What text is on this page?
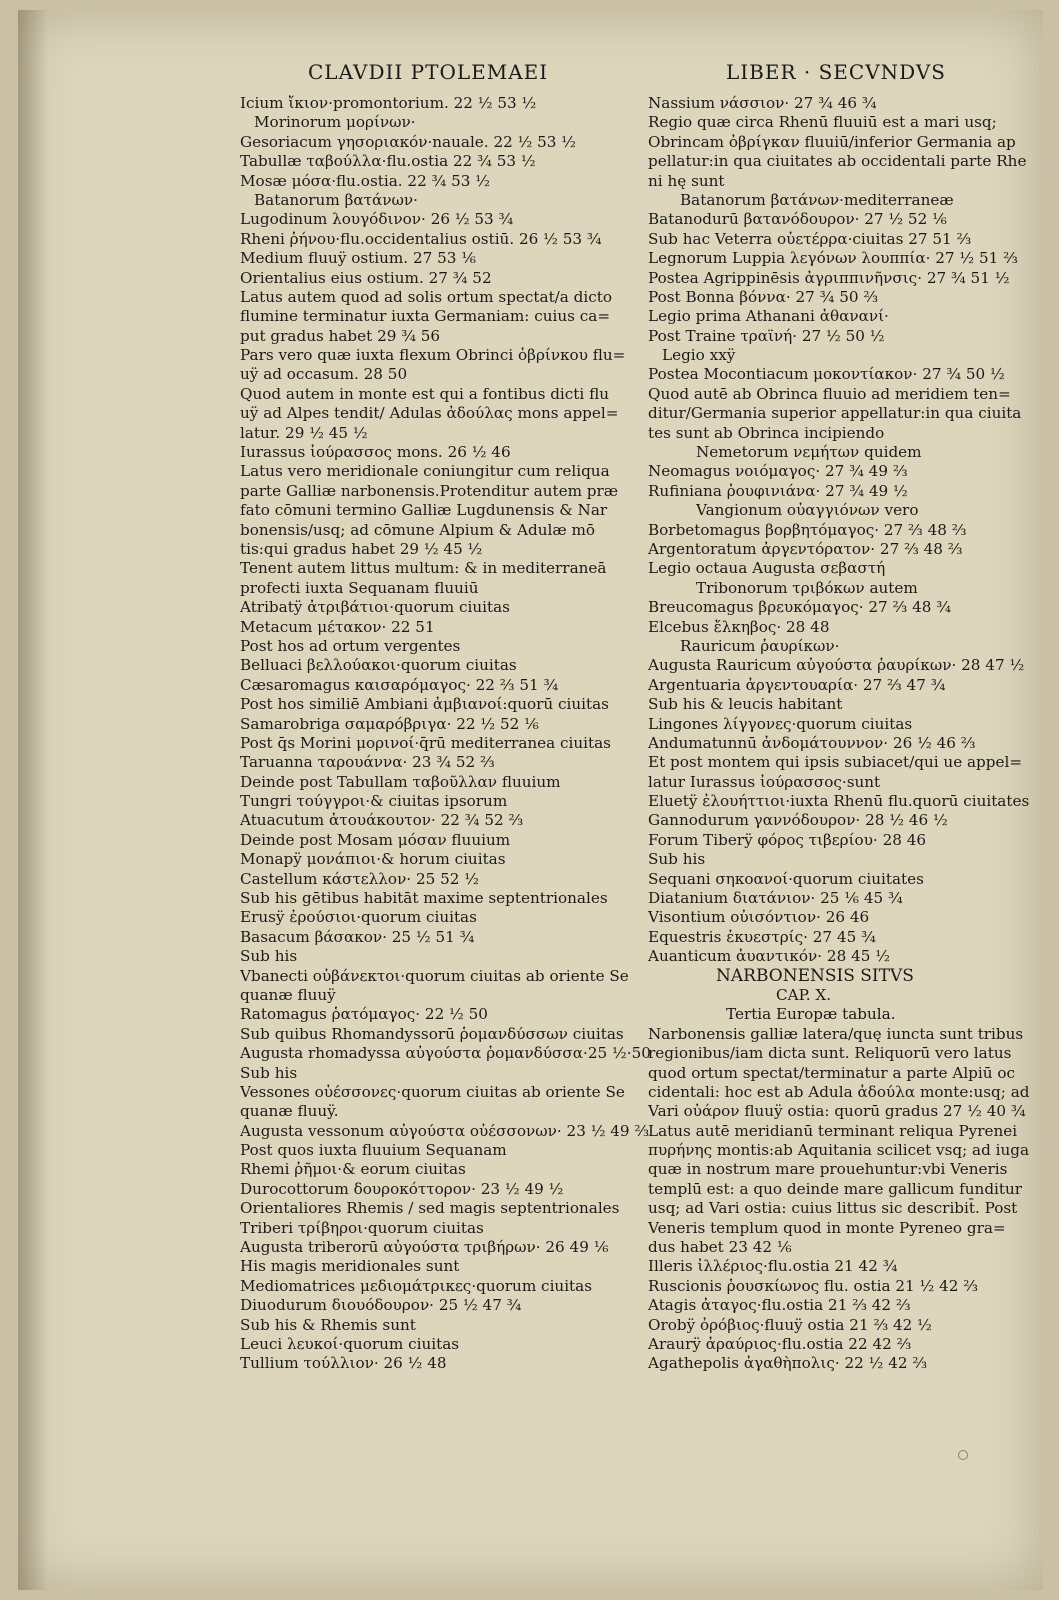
CLAVDII PTOLEMAEI	LIBER · SECVNDVS
Icium ἴκιον·promontorium. 22 ½ 53 ½
Morinorum μορίνων·
Gesoriacum γησοριακόν·nauale. 22 ½ 53 ½
Tabullæ ταβούλλα·flu.ostia 22 ¾ 53 ½
Mosæ μόσα·flu.ostia. 22 ¾ 53 ½
Batanorum βατάνων·
Lugodinum λουγόδινον· 26 ½ 53 ¾
Rheni ῥήνου·flu.occidentalius ostiū. 26 ½ 53 ¾
Medium fluuÿ ostium. 27 53 ⅙
Orientalius eius ostium. 27 ¾ 52
Latus autem quod ad solis ortum spectat/a dicto
flumine terminatur iuxta Germaniam: cuius ca=
put gradus habet 29 ¾ 56
Pars vero quæ iuxta flexum Obrinci ὀβρίνκου flu=
uÿ ad occasum. 28 50
Quod autem in monte est qui a fontibus dicti flu
uÿ ad Alpes tendit/ Adulas ἀδούλας mons appel=
latur. 29 ½ 45 ½
Iurassus ἰούρασσος mons. 26 ½ 46
Latus vero meridionale coniungitur cum reliqua
parte Galliæ narbonensis.Protenditur autem præ
fato cōmuni termino Galliæ Lugdunensis & Nar
bonensis/usq; ad cōmune Alpium & Adulæ mō
tis:qui gradus habet 29 ½ 45 ½
Tenent autem littus multum: & in mediterraneā
profecti iuxta Sequanam fluuiū
Atribatÿ ἀτριβάτιοι·quorum ciuitas
Metacum μέτακον· 22 51
Post hos ad ortum vergentes
Belluaci βελλούακοι·quorum ciuitas
Cæsaromagus καισαρόμαγος· 22 ⅔ 51 ¾
Post hos similiē Ambiani ἀμβιανοί:quorū ciuitas
Samarobriga σαμαρόβριγα· 22 ½ 52 ⅙
Post q̄s Morini μορινοί·q̄rū mediterranea ciuitas
Taruanna ταρουάννα· 23 ¾ 52 ⅔
Deinde post Tabullam ταβοῦλλαν fluuium
Tungri τούγγροι·& ciuitas ipsorum
Atuacutum ἀτουάκουτον· 22 ¾ 52 ⅔
Deinde post Mosam μόσαν fluuium
Monapÿ μονάπιοι·& horum ciuitas
Castellum κάστελλον· 25 52 ½
Sub his gētibus habitāt maxime septentrionales
Erusÿ ἐρούσιοι·quorum ciuitas
Basacum βάσακον· 25 ½ 51 ¾
Sub his
Vbanecti οὐβάνεκτοι·quorum ciuitas ab oriente Se
quanæ fluuÿ
Ratomagus ῥατόμαγος· 22 ½ 50
Sub quibus Rhomandyssorū ῥομανδύσσων ciuitas
Augusta rhomadyssa αὐγούστα ῥομανδύσσα·25 ½·50
Sub his
Vessones οὐέσσονες·quorum ciuitas ab oriente Se
quanæ fluuÿ.
Augusta vessonum αὐγούστα οὐέσσονων· 23 ½ 49 ⅔
Post quos iuxta fluuium Sequanam
Rhemi ῥῆμοι·& eorum ciuitas
Durocottorum δουροκόττορον· 23 ½ 49 ½
Orientaliores Rhemis / sed magis septentrionales
Triberi τρίβηροι·quorum ciuitas
Augusta triberorū αὐγούστα τριβήρων· 26 49 ⅙
His magis meridionales sunt
Mediomatrices μεδιομάτρικες·quorum ciuitas
Diuodurum διουόδουρον· 25 ½ 47 ¾
Sub his & Rhemis sunt
Leuci λευκοί·quorum ciuitas
Tullium τούλλιον· 26 ½ 48
Nassium νάσσιον· 27 ¾ 46 ¾
Regio quæ circa Rhenū fluuiū est a mari usq;
Obrincam ὀβρίγκαν fluuiū/inferior Germania ap
pellatur:in qua ciuitates ab occidentali parte Rhe
ni hę sunt
Batanorum βατάνων·mediterraneæ
Batanodurū βατανόδουρον· 27 ½ 52 ⅙
Sub hac Veterra οὐετέρρα·ciuitas 27 51 ⅔
Legnorum Luppia λεγόνων λουππία· 27 ½ 51 ⅔
Postea Agrippinēsis ἀγριππινῆνσις· 27 ¾ 51 ½
Post Bonna βόννα· 27 ¾ 50 ⅔
Legio prima Athanani ἀθανανί·
Post Traine τραϊνή· 27 ½ 50 ½
Legio xxÿ
Postea Mocontiacum μοκοντίακον· 27 ¾ 50 ½
Quod autē ab Obrinca fluuio ad meridiem ten=
ditur/Germania superior appellatur:in qua ciuita
tes sunt ab Obrinca incipiendo
Nemetorum νεμήτων quidem
Neomagus νοιόμαγος· 27 ¾ 49 ⅔
Rufiniana ῥουφινιάνα· 27 ¾ 49 ½
Vangionum οὐαγγιόνων vero
Borbetomagus βορβητόμαγος· 27 ⅔ 48 ⅔
Argentoratum ἀργεντόρατον· 27 ⅔ 48 ⅔
Legio octaua Augusta σεβαστή
Tribonorum τριβόκων autem
Breucomagus βρευκόμαγος· 27 ⅔ 48 ¾
Elcebus ἔλκηβος· 28 48
Rauricum ῥαυρίκων·
Augusta Rauricum αὐγούστα ῥαυρίκων· 28 47 ½
Argentuaria ἀργεντουαρία· 27 ⅔ 47 ¾
Sub his & leucis habitant
Lingones λίγγονες·quorum ciuitas
Andumatunnū ἀνδομάτουννον· 26 ½ 46 ⅔
Et post montem qui ipsis subiacet/qui ue appel=
latur Iurassus ἰούρασσος·sunt
Eluetÿ ἐλουήττιοι·iuxta Rhenū flu.quorū ciuitates
Gannodurum γαννόδουρον· 28 ½ 46 ½
Forum Tiberÿ φόρος τιβερίου· 28 46
Sub his
Sequani σηκοανοί·quorum ciuitates
Diatanium διατάνιον· 25 ⅙ 45 ¾
Visontium οὐισόντιον· 26 46
Equestris ἐκυεστρίς· 27 45 ¾
Auanticum ἀυαντικόν· 28 45 ½
NARBONENSIS SITVS
CAP. X.
Tertia Europæ tabula.
Narbonensis galliæ latera/quę iuncta sunt tribus
regionibus/iam dicta sunt. Reliquorū vero latus
quod ortum spectat/terminatur a parte Alpiū oc
cidentali: hoc est ab Adula ἀδούλα monte:usq; ad
Vari οὐάρον fluuÿ ostia: quorū gradus 27 ½ 40 ¾
Latus autē meridianū terminant reliqua Pyrenei
πυρήνης montis:ab Aquitania scilicet vsq; ad iuga
quæ in nostrum mare prouehuntur:vbi Veneris
templū est: a quo deinde mare gallicum funditur
usq; ad Vari ostia: cuius littus sic describit̄. Post
Veneris templum quod in monte Pyreneo gra=
dus habet 23 42 ⅙
Illeris ἰλλέριος·flu.ostia 21 42 ¾
Ruscionis ῥουσκίωνος flu. ostia 21 ½ 42 ⅔
Atagis ἀταγος·flu.ostia 21 ⅔ 42 ⅔
Orobÿ ὀρόβιος·fluuÿ ostia 21 ⅔ 42 ½
Araurÿ ἀραύριος·flu.ostia 22 42 ⅔
Agathepolis ἀγαθὴπολις· 22 ½ 42 ⅔
